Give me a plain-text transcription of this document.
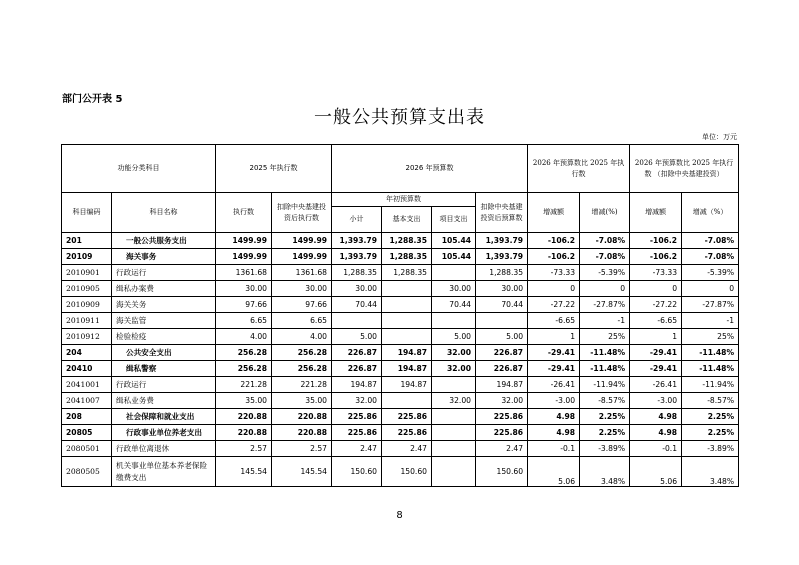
部门公开表 5
一般公共预算支出表
单位：万元
功能分类科目		2025 年执行数		2026 年预算数				2026 年预算数比 2025 年执行数		2026 年预算数比 2025 年执行数 （扣除中央基建投资）	
科目编码	科目名称	执行数	扣除中央基建投资后执行数	年初预算数			扣除中央基建投资后预算数	增减额	增减(%)	增减额	增减（%）
				小计	基本支出	项目支出					
201	一般公共服务支出	1499.99	1499.99	1,393.79	1,288.35	105.44	1,393.79	-106.2	-7.08%	-106.2	-7.08%
20109	海关事务	1499.99	1499.99	1,393.79	1,288.35	105.44	1,393.79	-106.2	-7.08%	-106.2	-7.08%
2010901	行政运行	1361.68	1361.68	1,288.35	1,288.35		1,288.35	-73.33	-5.39%	-73.33	-5.39%
2010905	缉私办案费	30.00	30.00	30.00		30.00	30.00	0	0	0	0
2010909	海关关务	97.66	97.66	70.44		70.44	70.44	-27.22	-27.87%	-27.22	-27.87%
2010911	海关监管	6.65	6.65					-6.65	-1	-6.65	-1
2010912	检验检疫	4.00	4.00	5.00		5.00	5.00	1	25%	1	25%
204	公共安全支出	256.28	256.28	226.87	194.87	32.00	226.87	-29.41	-11.48%	-29.41	-11.48%
20410	缉私警察	256.28	256.28	226.87	194.87	32.00	226.87	-29.41	-11.48%	-29.41	-11.48%
2041001	行政运行	221.28	221.28	194.87	194.87		194.87	-26.41	-11.94%	-26.41	-11.94%
2041007	缉私业务费	35.00	35.00	32.00		32.00	32.00	-3.00	-8.57%	-3.00	-8.57%
208	社会保障和就业支出	220.88	220.88	225.86	225.86		225.86	4.98	2.25%	4.98	2.25%
20805	行政事业单位养老支出	220.88	220.88	225.86	225.86		225.86	4.98	2.25%	4.98	2.25%
2080501	行政单位离退休	2.57	2.57	2.47	2.47		2.47	-0.1	-3.89%	-0.1	-3.89%
2080505	机关事业单位基本养老保险缴费支出	145.54	145.54	150.60	150.60		150.60	5.06	3.48%	5.06	3.48%
8
